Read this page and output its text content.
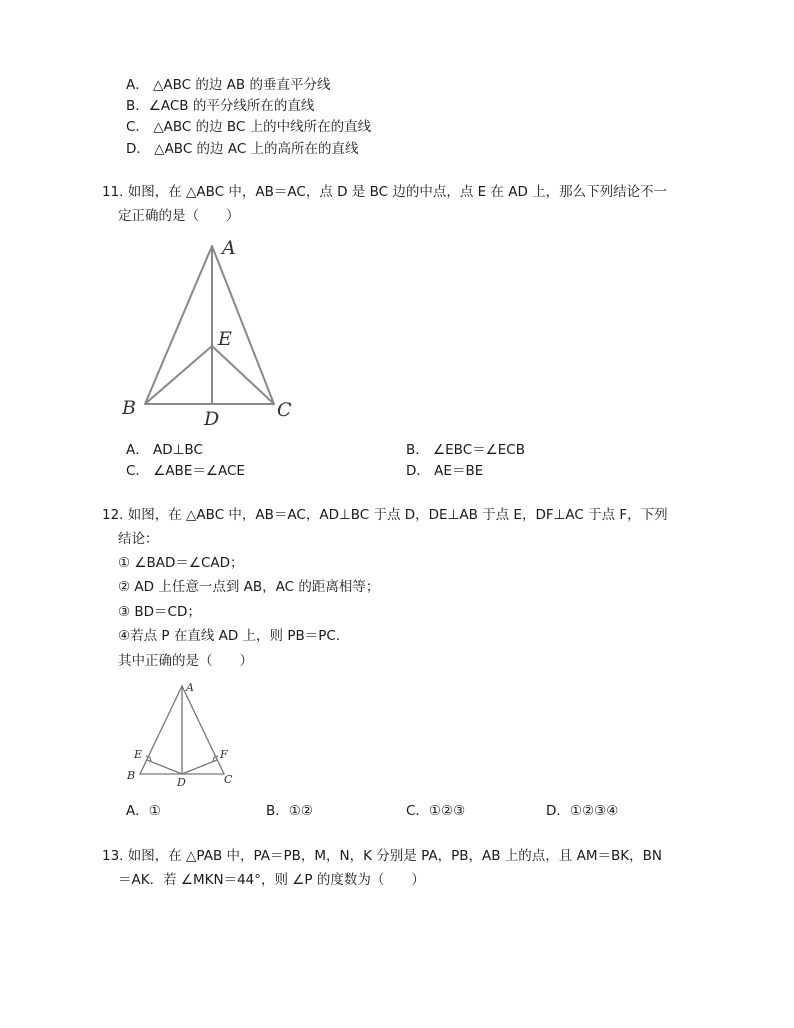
A． △ABC 的边 AB 的垂直平分线
B．∠ACB 的平分线所在的直线
C． △ABC 的边 BC 上的中线所在的直线
D． △ABC 的边 AC 上的高所在的直线
11. 如图，在 △ABC 中，AB＝AC，点 D 是 BC 边的中点，点 E 在 AD 上，那么下列结论不一
定正确的是（　　）
A
E
B	D	C
A． AD⊥BC	B． ∠EBC＝∠ECB
C． ∠ABE＝∠ACE	D． AE＝BE
12. 如图，在 △ABC 中，AB＝AC，AD⊥BC 于点 D，DE⊥AB 于点 E，DF⊥AC 于点 F，下列
结论：
① ∠BAD＝∠CAD；
② AD 上任意一点到 AB，AC 的距离相等；
③ BD＝CD；
④若点 P 在直线 AD 上，则 PB＝PC．
其中正确的是（　　）
A
E	F
B
D	C
A．①	B．①②	C．①②③	D．①②③④
13. 如图，在 △PAB 中，PA＝PB，M，N，K 分别是 PA，PB，AB 上的点，且 AM＝BK，BN
＝AK．若 ∠MKN＝44°，则 ∠P 的度数为（　　）
